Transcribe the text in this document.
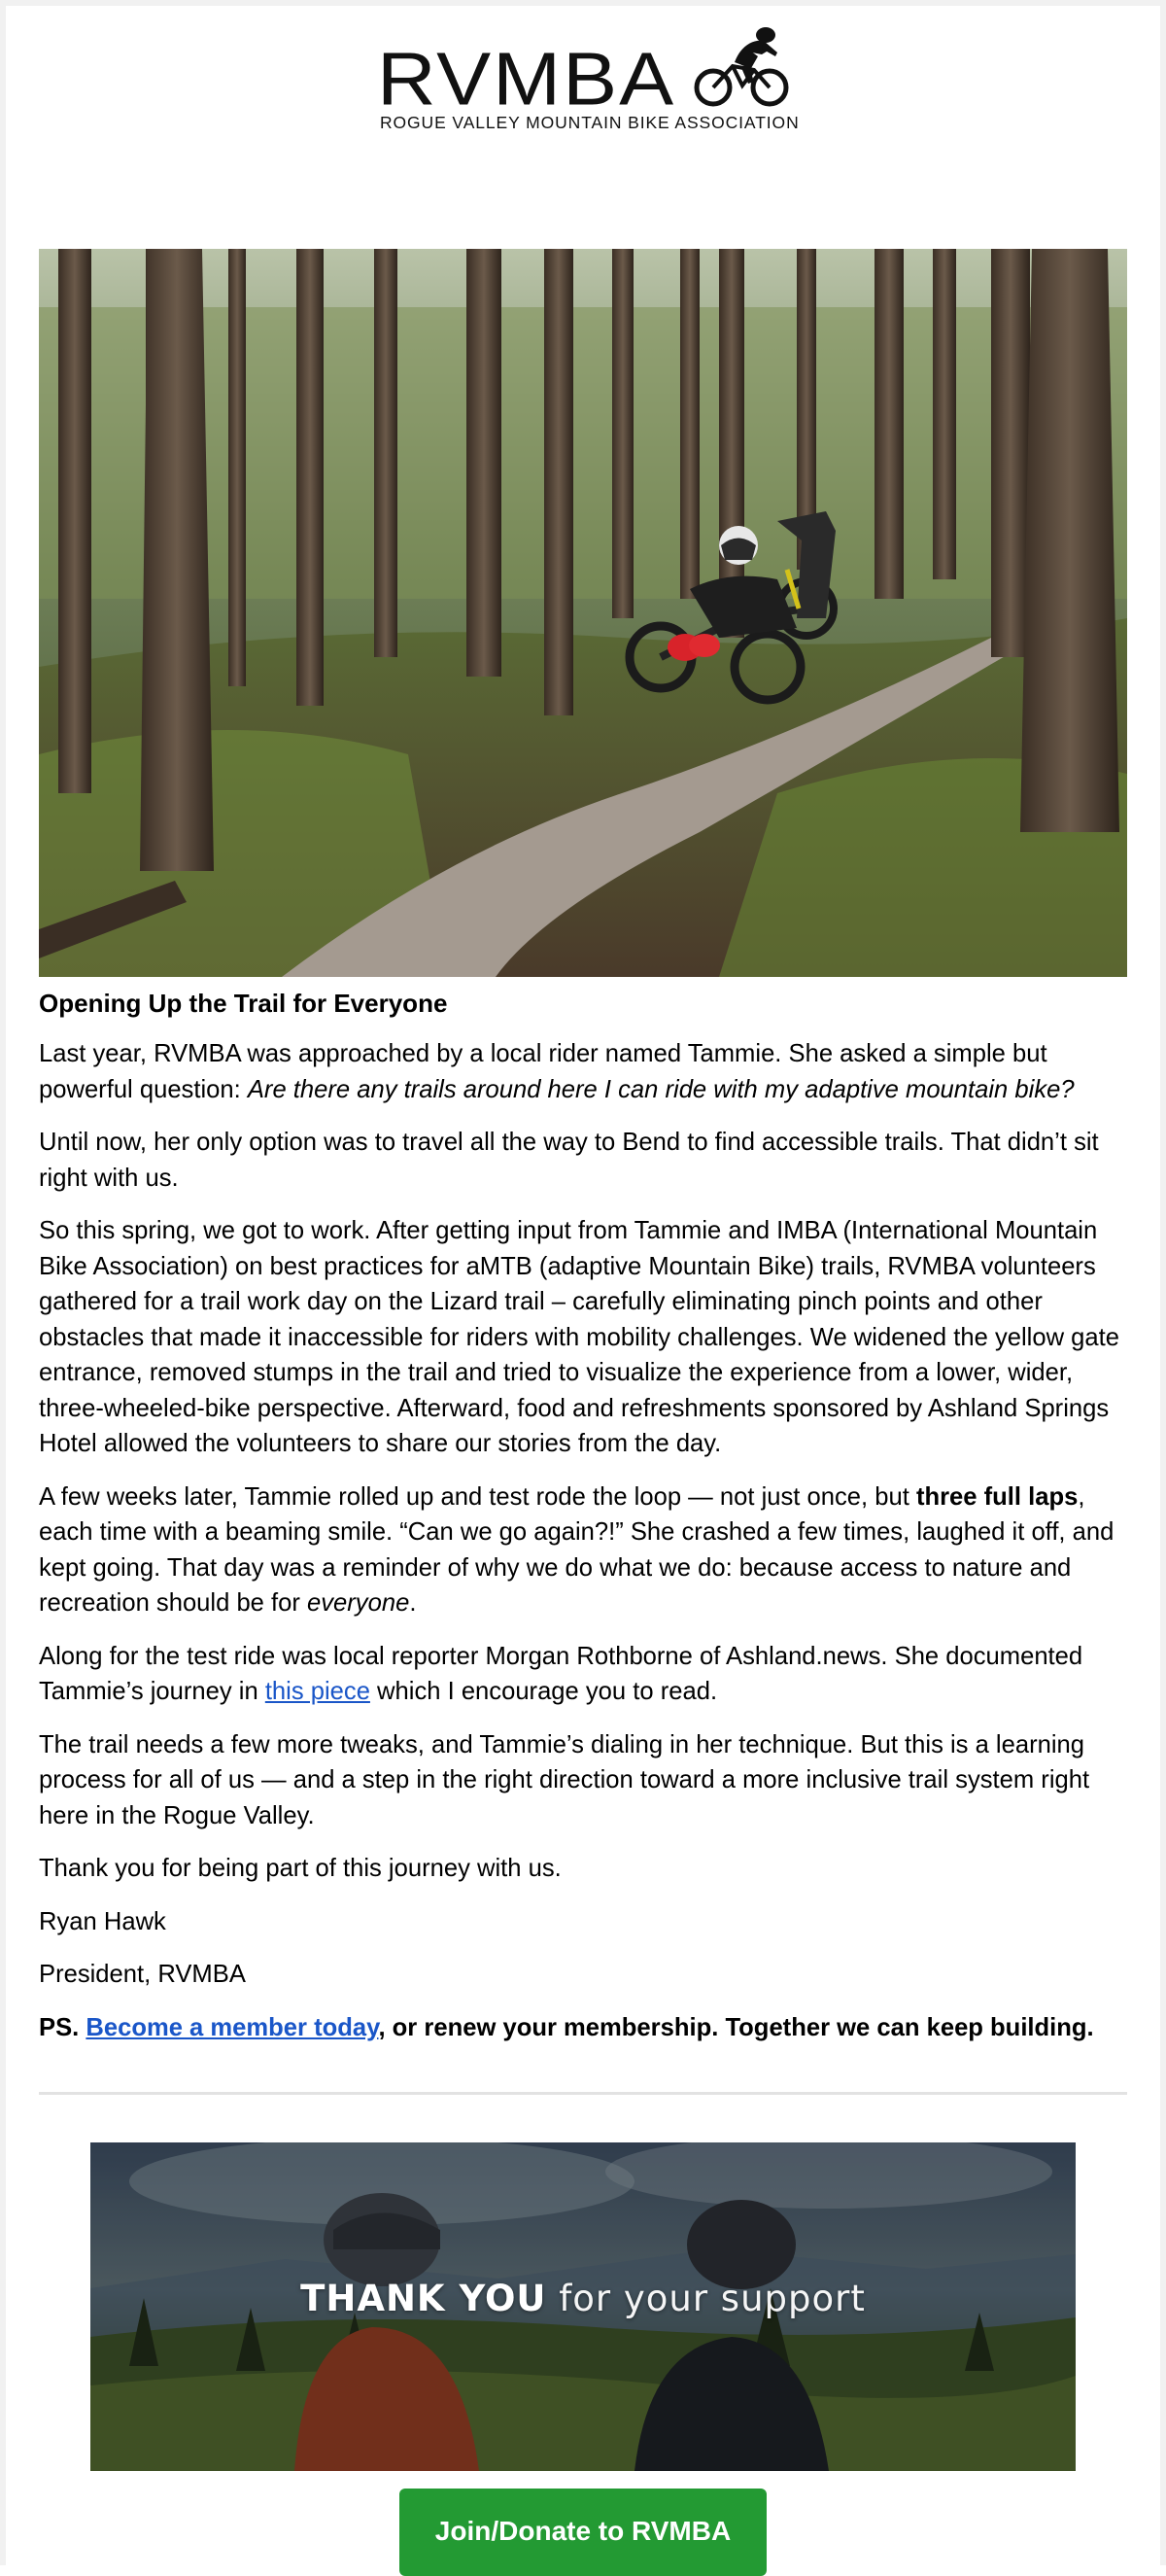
RVMBA
ROGUE VALLEY MOUNTAIN BIKE ASSOCIATION
Opening Up the Trail for Everyone

Last year, RVMBA was approached by a local rider named Tammie. She asked a simple but powerful question: Are there any trails around here I can ride with my adaptive mountain bike?

Until now, her only option was to travel all the way to Bend to find accessible trails. That didn’t sit right with us.

So this spring, we got to work. After getting input from Tammie and IMBA (International Mountain Bike Association) on best practices for aMTB (adaptive Mountain Bike) trails, RVMBA volunteers gathered for a trail work day on the Lizard trail – carefully eliminating pinch points and other obstacles that made it inaccessible for riders with mobility challenges. We widened the yellow gate entrance, removed stumps in the trail and tried to visualize the experience from a lower, wider, three-wheeled-bike perspective. Afterward, food and refreshments sponsored by Ashland Springs Hotel allowed the volunteers to share our stories from the day.

A few weeks later, Tammie rolled up and test rode the loop — not just once, but three full laps, each time with a beaming smile. “Can we go again?!” She crashed a few times, laughed it off, and kept going. That day was a reminder of why we do what we do: because access to nature and recreation should be for everyone.

Along for the test ride was local reporter Morgan Rothborne of Ashland.news. She documented Tammie’s journey in this piece which I encourage you to read.

The trail needs a few more tweaks, and Tammie’s dialing in her technique. But this is a learning process for all of us — and a step in the right direction toward a more inclusive trail system right here in the Rogue Valley.

Thank you for being part of this journey with us.

Ryan Hawk

President, RVMBA

PS. Become a member today, or renew your membership. Together we can keep building.

THANK YOU for your support
Join/Donate to RVMBA
